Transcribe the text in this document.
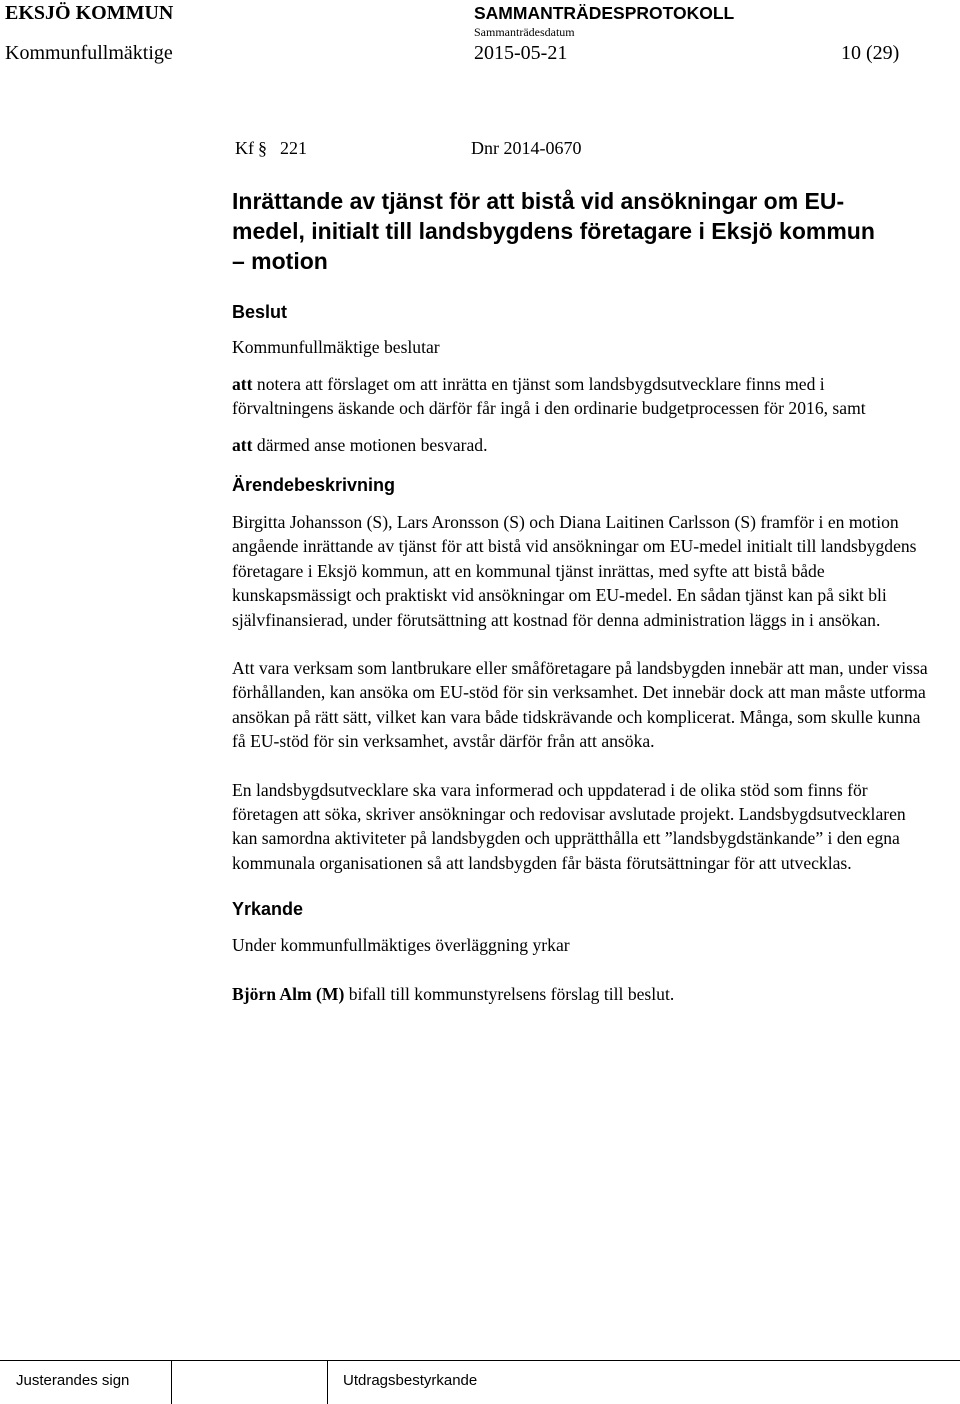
EKSJÖ KOMMUN	SAMMANTRÄDESPROTOKOLL
Sammanträdesdatum
Kommunfullmäktige	2015-05-21	10 (29)
Kf § 221	Dnr 2014-0670
Inrättande av tjänst för att bistå vid ansökningar om EU-medel, initialt till landsbygdens företagare i Eksjö kommun – motion
Beslut

Kommunfullmäktige beslutar

att notera att förslaget om att inrätta en tjänst som landsbygdsutvecklare finns med i förvaltningens äskande och därför får ingå i den ordinarie budgetprocessen för 2016, samt

att därmed anse motionen besvarad.

Ärendebeskrivning

Birgitta Johansson (S), Lars Aronsson (S) och Diana Laitinen Carlsson (S) framför i en motion angående inrättande av tjänst för att bistå vid ansökningar om EU-medel initialt till landsbygdens företagare i Eksjö kommun, att en kommunal tjänst inrättas, med syfte att bistå både kunskapsmässigt och praktiskt vid ansökningar om EU-medel. En sådan tjänst kan på sikt bli självfinansierad, under förutsättning att kostnad för denna administration läggs in i ansökan.

Att vara verksam som lantbrukare eller småföretagare på landsbygden innebär att man, under vissa förhållanden, kan ansöka om EU-stöd för sin verksamhet. Det innebär dock att man måste utforma ansökan på rätt sätt, vilket kan vara både tidskrävande och komplicerat. Många, som skulle kunna få EU-stöd för sin verksamhet, avstår därför från att ansöka.

En landsbygdsutvecklare ska vara informerad och uppdaterad i de olika stöd som finns för företagen att söka, skriver ansökningar och redovisar avslutade projekt. Landsbygdsutvecklaren kan samordna aktiviteter på landsbygden och upprätthålla ett ”landsbygdstänkande” i den egna kommunala organisationen så att landsbygden får bästa förutsättningar för att utvecklas.

Yrkande

Under kommunfullmäktiges överläggning yrkar

Björn Alm (M) bifall till kommunstyrelsens förslag till beslut.

Justerandes sign	Utdragsbestyrkande
